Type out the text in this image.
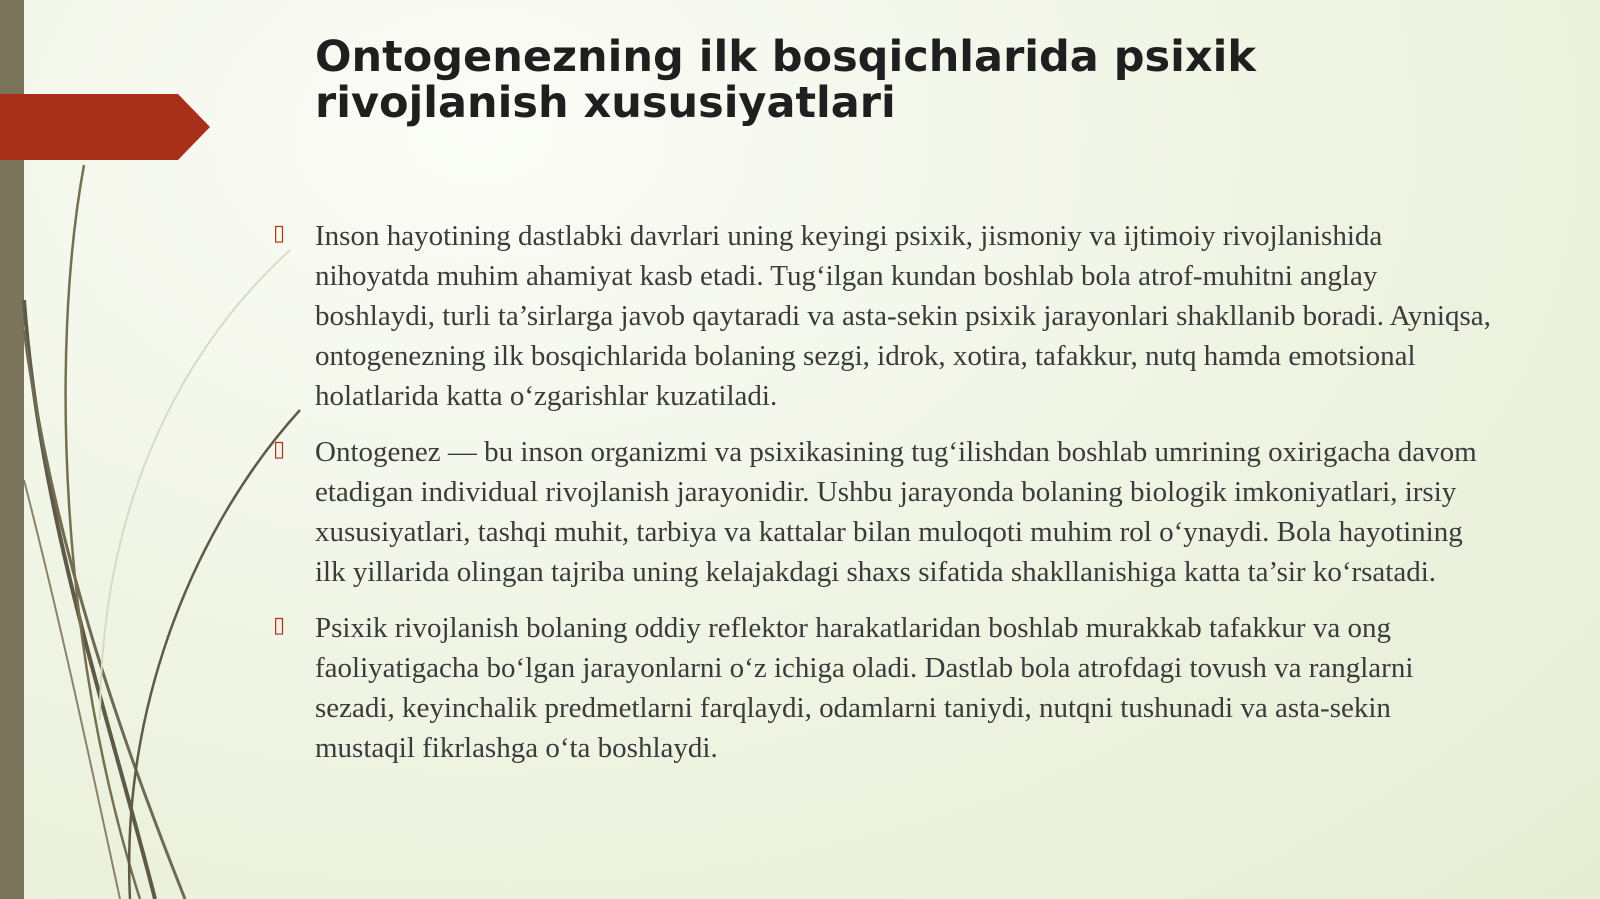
Ontogenezning ilk bosqichlarida psixik rivojlanish xususiyatlari
▯ Inson hayotining dastlabki davrlari uning keyingi psixik, jismoniy va ijtimoiy rivojlanishida nihoyatda muhim ahamiyat kasb etadi. Tug‘ilgan kundan boshlab bola atrof-muhitni anglay boshlaydi, turli ta’sirlarga javob qaytaradi va asta-sekin psixik jarayonlari shakllanib boradi. Ayniqsa, ontogenezning ilk bosqichlarida bolaning sezgi, idrok, xotira, tafakkur, nutq hamda emotsional holatlarida katta o‘zgarishlar kuzatiladi.
▯ Ontogenez — bu inson organizmi va psixikasining tug‘ilishdan boshlab umrining oxirigacha davom etadigan individual rivojlanish jarayonidir. Ushbu jarayonda bolaning biologik imkoniyatlari, irsiy xususiyatlari, tashqi muhit, tarbiya va kattalar bilan muloqoti muhim rol o‘ynaydi. Bola hayotining ilk yillarida olingan tajriba uning kelajakdagi shaxs sifatida shakllanishiga katta ta’sir ko‘rsatadi.
▯ Psixik rivojlanish bolaning oddiy reflektor harakatlaridan boshlab murakkab tafakkur va ong faoliyatigacha bo‘lgan jarayonlarni o‘z ichiga oladi. Dastlab bola atrofdagi tovush va ranglarni sezadi, keyinchalik predmetlarni farqlaydi, odamlarni taniydi, nutqni tushunadi va asta-sekin mustaqil fikrlashga o‘ta boshlaydi.
